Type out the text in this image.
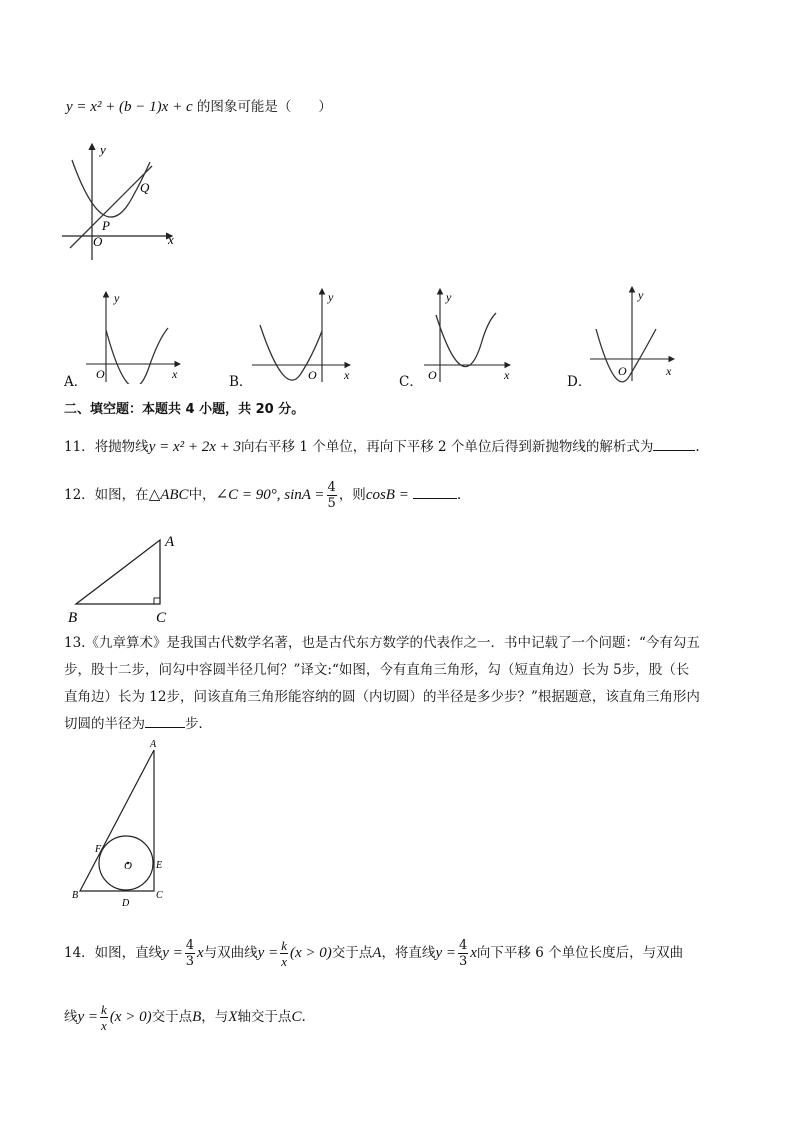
y = x² + (b − 1)x + c 的图象可能是（　　）
y
x
O
P
Q
A．
y
x
O	B．
y
x
O	C．
y
x
O	D．
y
x
O
二、填空题：本题共 4 小题，共 20 分。
11．将抛物线y = x² + 2x + 3向右平移 1 个单位，再向下平移 2 个单位后得到新抛物线的解析式为	.
12．如图，在△ABC中，∠C = 90°, $\sin A = \frac{4}{5}$ ，则cosB =	.
A
B	C
13.《九章算术》是我国古代数学名著，也是古代东方数学的代表作之一．书中记载了一个问题：“今有勾五
步，股十二步，问勾中容圆半径几何？”译文:“如图，今有直角三角形，勾（短直角边）长为 5步，股（长
直角边）长为 12步，问该直角三角形能容纳的圆（内切圆）的半径是多少步？”根据题意，该直角三角形内
切圆的半径为	步．
A
B	C
D
E
F
O
14．如图，直线$y = \frac{4}{3}$ x与双曲线$y = \frac{k}{x} (x > 0)$交于点A，将直线$y = \frac{4}{3}$ x向下平移 6 个单位长度后，与双曲
线$y = \frac{k}{x} (x > 0)$交于点B，与X轴交于点C.
